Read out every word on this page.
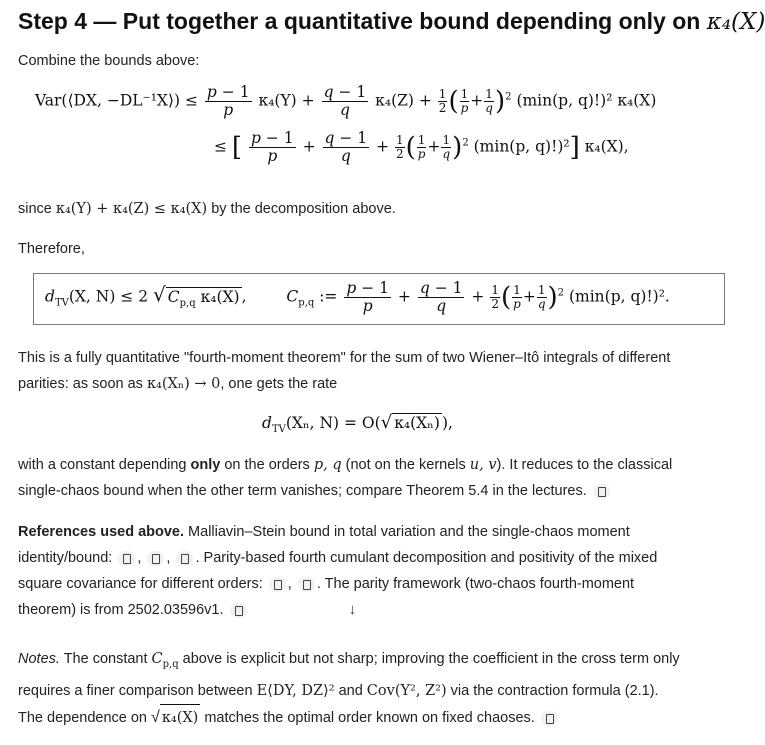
Step 4 — Put together a quantitative bound depending only on κ₄(X)
Combine the bounds above:
Var(⟨DX, −DL⁻¹X⟩) ≤ $\frac{p - 1}{p} \kappa_4(Y) + \frac{q - 1}{q} \kappa_4(Z) + \frac{1}{2}$ ( $\frac{1}{p} + \frac{1}{q} )^2$ (min(p, q)!)² κ₄(X)
≤ [ $\frac{p - 1}{p} + \frac{q - 1}{q} + \frac{1}{2}$ ( $\frac{1}{p} + \frac{1}{q} )^2$ (min(p, q)!)²] κ₄(X),
since κ₄(Y) + κ₄(Z) ≤ κ₄(X) by the decomposition above.
Therefore,
$d_{TV}(X$, N) ≤ 2 √ $C_{p,q}$ κ₄(X) ,	$C_{p,q}$ := $\frac{p - 1}{p} + \frac{q - 1}{q} + \frac{1}{2}$ ( $\frac{1}{p} + \frac{1}{q} )^2$ (min(p, q)!)².
This is a fully quantitative "fourth-moment theorem" for the sum of two Wiener–Itô integrals of different
parities: as soon as κ₄(Xₙ) → 0, one gets the rate
$d_{TV}(X_n$, N) = O(√ κ₄(Xₙ) ),
with a constant depending only on the orders p, q (not on the kernels u, v). It reduces to the classical
single-chaos bound when the other term vanishes; compare Theorem 5.4 in the lectures.
References used above. Malliavin–Stein bound in total variation and the single-chaos moment
identity/bound: , , . Parity-based fourth cumulant decomposition and positivity of the mixed
square covariance for different orders: , . The parity framework (two-chaos fourth-moment
theorem) is from 2502.03596v1.	↓
Notes. The constant $C_{p,q}$ above is explicit but not sharp; improving the coefficient in the cross term only
requires a finer comparison between E⟨DY, DZ⟩² and Cov(Y², Z²) via the contraction formula (2.1).
The dependence on √ κ₄(X) matches the optimal order known on fixed chaoses.
